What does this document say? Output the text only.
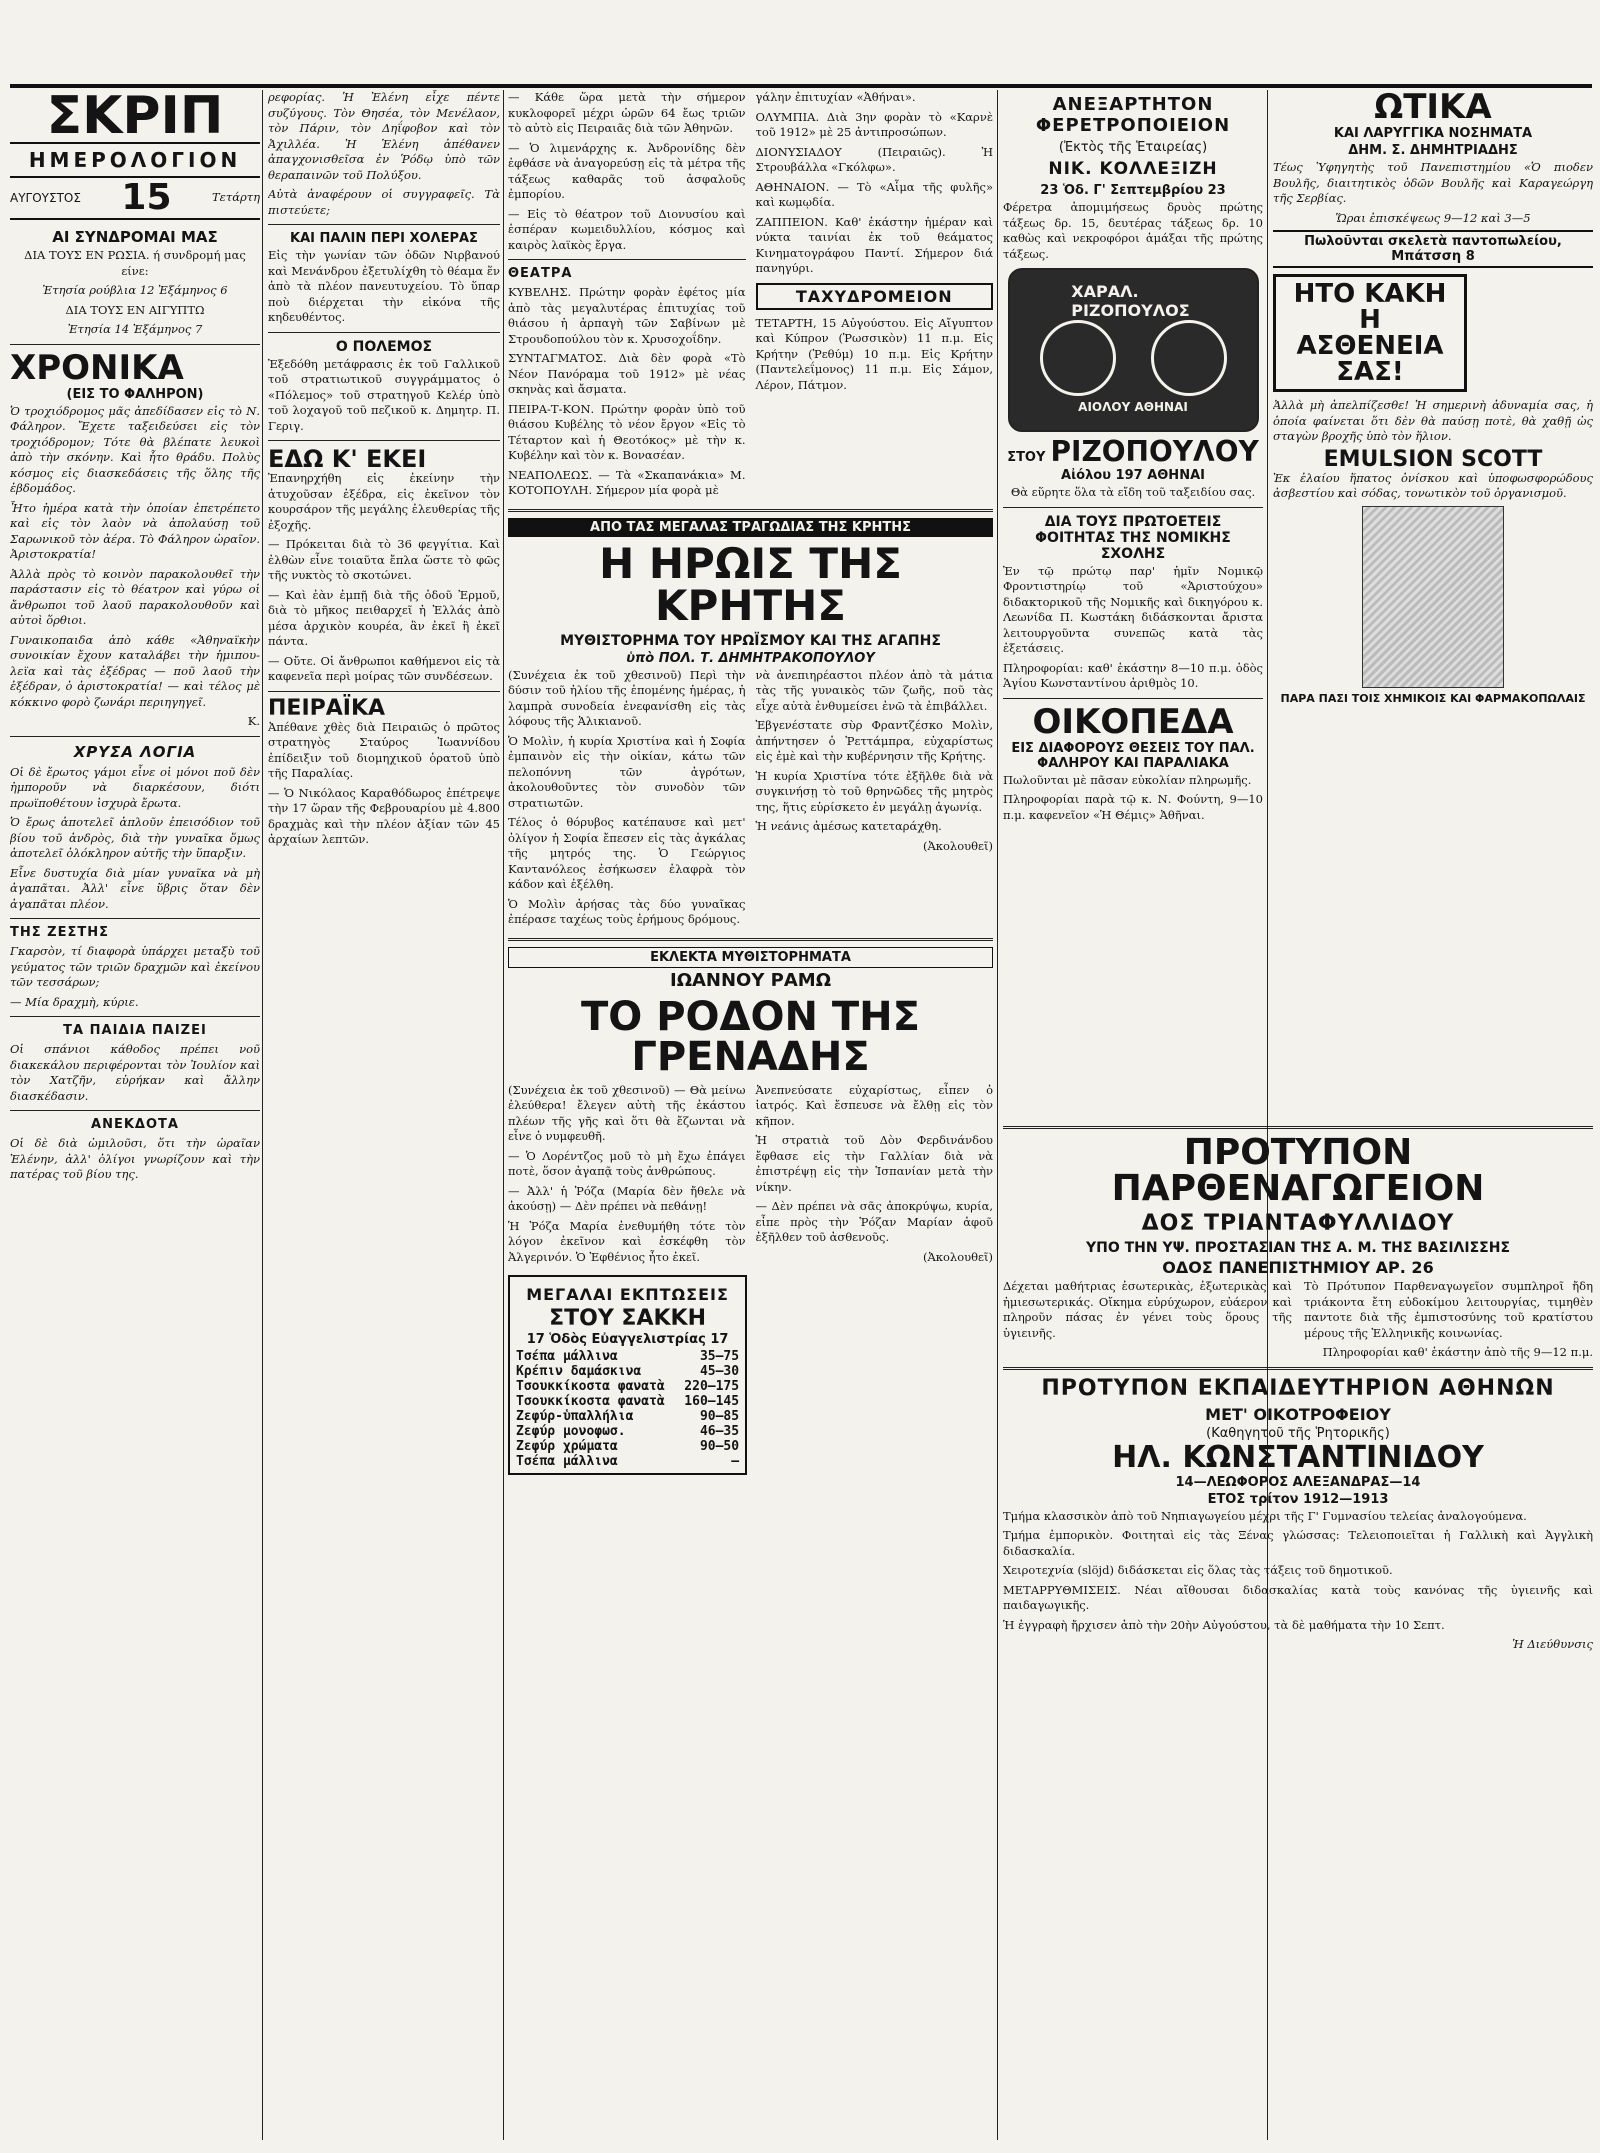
ΣΚΡΙΠ
ΗΜΕΡΟΛΟΓΙΟΝ
ΑΥΓΟΥΣΤΟΣ 15	Τετάρτη
ΑΙ ΣΥΝΔΡΟΜΑΙ ΜΑΣ
ΔΙΑ ΤΟΥΣ ΕΝ ΡΩΣΙΑ. ή συνδρομή μας είνε:
Ἐτησία ρούβλια 12 Ἑξάμηνος 6
ΔΙΑ ΤΟΥΣ ΕΝ ΑΙΓΥΠΤΩ
Ἐτησία 14 Ἑξάμηνος 7
ΧΡΟΝΙΚΑ
(ΕΙΣ ΤΟ ΦΑΛΗΡΟΝ)

Ὁ τροχιόδρομος μᾶς ἀπεδίδασεν εἰς τὸ Ν. Φάληρον. Ἔχετε ταξειδεύσει εἰς τὸν τροχιόδρομον; Τότε θὰ βλέπατε λευκοὶ ἀπὸ τὴν σκόνην. Καὶ ἦτο θράδυ. Πολὺς κόσμος εἰς διασκεδάσεις τῆς ὅλης τῆς ἑβδομάδος.

Ἦτο ἡμέρα κατὰ τὴν ὁποίαν ἐπετρέπετο καὶ εἰς τὸν λαὸν νὰ ἀπολαύσῃ τοῦ Σαρωνικοῦ τὸν ἀέρα. Τὸ Φάληρον ὡραῖον. Ἀριστοκρατία!

Ἀλλὰ πρὸς τὸ κοινὸν παρακολουθεῖ τὴν παράστασιν εἰς τὸ θέατρον καὶ γύρω οἱ ἄνθρωποι τοῦ λαοῦ παρακολουθοῦν καὶ αὐτοὶ ὅρθιοι.

Γυναικοπαιδα ἀπὸ κάθε «Ἀθηναϊκὴν συνοικίαν ἔχουν καταλάβει τὴν ἡμιπουλεϊα καὶ τὰς ἐξέδρας — ποῦ λαοῦ τὴν ἐξέδραν, ὁ ἀριστοκρατία! — καὶ τέλος μὲ κόκκινο φορὸ ζωνάρι περιηγηγεῖ.

Κ.
ΧΡΥΣΑ ΛΟΓΙΑ

Οἱ δὲ ἔρωτος γάμοι εἶνε οἱ μόνοι ποῦ δὲν ἠμποροῦν νὰ διαρκέσουν, διότι πρωϊποθέτουν ἰσχυρὰ ἔρωτα.

Ὁ ἔρως ἀποτελεῖ ἀπλοῦν ἐπεισόδιον τοῦ βίου τοῦ ἀνδρὸς, διὰ τὴν γυναῖκα ὅμως ἀποτελεῖ ὁλόκληρον αὐτῆς τὴν ὕπαρξιν.

Εἶνε δυστυχία διὰ μίαν γυναῖκα νὰ μὴ ἀγαπᾶται. Ἀλλ' εἶνε ὕβρις ὅταν δὲν ἀγαπᾶται πλέον.

ΤΗΣ ΖΕΣΤΗΣ

Γκαρσὸν, τί διαφορὰ ὑπάρχει μεταξὺ τοῦ γεύματος τῶν τριῶν δραχμῶν καὶ ἐκείνου τῶν τεσσάρων;

— Μία δραχμὴ, κύριε.

ΤΑ ΠΑΙΔΙΑ ΠΑΙΖΕΙ

Οἱ σπάνιοι κάθοδος πρέπει νοῦ διακεκάλου περιφέρονται τὸν Ἰουλίον καὶ τὸν Χατζῆν, εὑρήκαν καὶ ἄλλην διασκέδασιν.

ΑΝΕΚΔΟΤΑ

Οἱ δὲ διὰ ὡμιλοῦσι, ὅτι τὴν ὡραῖαν Ἑλένην, ἀλλ' ὀλίγοι γνωρίζουν καὶ τὴν πατέρας τοῦ βίου της.

ρεφορίας. Ἡ Ἑλένη εἶχε πέντε συζύγους. Τὸν Θησέα, τὸν Μενέλαον, τὸν Πάριν, τὸν Δηΐφοβον καὶ τὸν Ἀχιλλέα. Ἡ Ἑλένη ἀπέθανεν ἀπαγχονισθεῖσα ἐν Ῥόδῳ ὑπὸ τῶν θεραπαινῶν τοῦ Πολύξου.

Αὐτὰ ἀναφέρουν οἱ συγγραφεῖς. Τὰ πιστεύετε;

ΚΑΙ ΠΑΛΙΝ ΠΕΡΙ ΧΟΛΕΡΑΣ

Εἰς τὴν γωνίαν τῶν ὁδῶν Νιρβανού καὶ Μενάνδρου ἐξετυλίχθη τὸ θέαμα ἕν ἀπὸ τὰ πλέον πανευτυχείου. Τὸ ὕπαρ ποὺ διέρχεται τὴν εἰκόνα τῆς κηδευθέντος.

Ο ΠΟΛΕΜΟΣ

Ἐξεδόθη μετάφρασις ἐκ τοῦ Γαλλικοῦ τοῦ στρατιωτικοῦ συγγράμματος ὁ «Πόλεμος» τοῦ στρατηγοῦ Κελέρ ὑπὸ τοῦ λοχαγοῦ τοῦ πεζικοῦ κ. Δημητρ. Π. Γεριγ.

ΕΔΩ Κ' ΕΚΕΙ

Ἐπανηρχήθη εἰς ἐκείνην τὴν ἀτυχοῦσαν ἐξέδρα, εἰς ἐκεῖνον τὸν κουρσάρον τῆς μεγάλης ἐλευθερίας τῆς ἐξοχῆς.

— Πρόκειται διὰ τὸ 36 φεγγίτια. Καὶ ἐλθὼν εἶνε τοιαῦτα ἔπλα ὥστε τὸ φῶς τῆς νυκτὸς τὸ σκοτώνει.

— Καὶ ἐὰν ἐμπῇ διὰ τῆς ὁδοῦ Ἐρμοῦ, διὰ τὸ μῆκος πειθαρχεῖ ἡ Ἑλλάς ἀπὸ μέσα ἀρχικὸν κουρέα, ἂν ἐκεῖ ἢ ἐκεῖ πάντα.

— Οὔτε. Οἱ ἄνθρωποι καθήμενοι εἰς τὰ καφενεῖα περὶ μοίρας τῶν συνδέσεων.

ΠΕΙΡΑΪΚΑ

Ἀπέθανε χθὲς διὰ Πειραιῶς ὁ πρῶτος στρατηγὸς Σταύρος Ἰωαννίδου ἐπίδειξιν τοῦ διομηχικοῦ ὁρατοῦ ὑπὸ τῆς Παραλίας.

— Ὁ Νικόλαος Καραθόδωρος ἐπέτρεψε τὴν 17 ὥραν τῆς Φεβρουαρίου μὲ 4.800 δραχμὰς καὶ τὴν πλέον ἀξίαν τῶν 45 ἀρχαίων λεπτῶν.

— Κάθε ὥρα μετὰ τὴν σήμερον κυκλοφορεῖ μέχρι ὡρῶν 64 ἔως τριῶν τὸ αὐτὸ εἰς Πειραιᾶς διὰ τῶν Ἀθηνῶν.

— Ὁ λιμενάρχης κ. Ἀνδρονίδης δὲν ἐφθάσε νὰ ἀναγορεύσῃ εἰς τὰ μέτρα τῆς τάξεως καθαρᾶς τοῦ ἀσφαλοῦς ἐμπορίου.

— Εἰς τὸ θέατρον τοῦ Διονυσίου καὶ ἑσπέραν κωμειδυλλίου, κόσμος καὶ καιρὸς λαϊκὸς ἔργα.

ΘΕΑΤΡΑ

ΚΥΒΕΛΗΣ. Πρώτην φορὰν ἐφέτος μία ἀπὸ τὰς μεγαλυτέρας ἐπιτυχίας τοῦ θιάσου ἡ ἀρπαγὴ τῶν Σαβίνων μὲ Στρουδοπούλου τὸν κ. Χρυσοχοΐδην.

ΣΥΝΤΑΓΜΑΤΟΣ. Διὰ δὲν φορὰ «Τὸ Νέον Πανόραμα τοῦ 1912» μὲ νέας σκηνὰς καὶ ἄσματα.

ΠΕΙΡΑ-Τ-ΚΟΝ. Πρώτην φορὰν ὑπὸ τοῦ θιάσου Κυβέλης τὸ νέον ἔργον «Εἰς τὸ Τέταρτον καὶ ἡ Θεοτόκος» μὲ τὴν κ. Κυβέλην καὶ τὸν κ. Βονασέαν.

ΝΕΑΠΟΛΕΩΣ. — Τὰ «Σκαπανάκια» Μ. ΚΟΤΟΠΟΥΛΗ. Σήμερον μία φορὰ μὲ

γάλην ἐπιτυχίαν «Ἀθήναι».

ΟΛΥΜΠΙΑ. Διὰ 3ην φορὰν τὸ «Καρνὲ τοῦ 1912» μὲ 25 ἀντιπροσώπων.

ΔΙΟΝΥΣΙΑΔΟΥ (Πειραιῶς). Ἡ Στρουβάλλα «Γκόλφω».

ΑΘΗΝΑΙΟΝ. — Τὸ «Αἷμα τῆς φυλῆς» καὶ κωμῳδία.

ΖΑΠΠΕΙΟΝ. Καθ' ἑκάστην ἡμέραν καὶ νύκτα ταινίαι ἐκ τοῦ θεάματος Κινηματογράφου Παντί. Σήμερον διά πανηγύρι.

ΤΑΧΥΔΡΟΜΕΙΟΝ

ΤΕΤΑΡΤΗ, 15 Αὐγούστου. Εἰς Αἴγυπτον καὶ Κύπρον (Ῥωσσικὸν) 11 π.μ. Εἰς Κρήτην (Ῥεθύμ) 10 π.μ. Εἰς Κρήτην (Παντελεΐμονος) 11 π.μ. Εἰς Σάμον, Λέρον, Πάτμον.

ΑΠΟ ΤΑΣ ΜΕΓΑΛΑΣ ΤΡΑΓΩΔΙΑΣ ΤΗΣ ΚΡΗΤΗΣ
Η ΗΡΩΙΣ ΤΗΣ ΚΡΗΤΗΣ
ΜΥΘΙΣΤΟΡΗΜΑ ΤΟΥ ΗΡΩΪΣΜΟΥ ΚΑΙ ΤΗΣ ΑΓΑΠΗΣ
ὑπὸ ΠΟΛ. Τ. ΔΗΜΗΤΡΑΚΟΠΟΥΛΟΥ

(Συνέχεια ἐκ τοῦ χθεσινοῦ) Περὶ τὴν δύσιν τοῦ ἡλίου τῆς ἐπομένης ἡμέρας, ἡ λαμπρὰ συνοδεία ἐνεφανίσθη εἰς τὰς λόφους τῆς Ἁλικιανοῦ.

Ὁ Μολὶν, ἡ κυρία Χριστίνα καὶ ἡ Σοφία ἐμπαινὸν εἰς τὴν οἰκίαν, κάτω τῶν πελοπόννη τῶν ἀγρότων, ἀκολουθοῦντες τὸν συνοδὸν τῶν στρατιωτῶν.

Τέλος ὁ θόρυβος κατέπαυσε καὶ μετ' ὀλίγον ἡ Σοφία ἔπεσεν εἰς τὰς ἀγκάλας τῆς μητρός της. Ὁ Γεώργιος Καντανόλεος ἐσήκωσεν ἐλαφρὰ τὸν κάδον καὶ ἐξέλθη.

Ὁ Μολὶν ἀρήσας τὰς δύο γυναῖκας ἐπέρασε ταχέως τοὺς ἐρήμους δρόμους.

νὰ ἀνεπιηρέαστοι πλέον ἀπὸ τὰ μάτια τὰς τῆς γυναικὸς τῶν ζωῆς, ποῦ τὰς εἶχε αὐτὰ ἐνθυμείσει ἐνῶ τὰ ἐπιβάλλει.

Ἐβγενέστατε σὺρ Φραντζέσκο Μολὶν, ἀπήντησεν ὁ Ῥεττάμπρα, εὐχαρίστως εἰς ἐμὲ καὶ τὴν κυβέρνησιν τῆς Κρήτης.

Ἡ κυρία Χριστίνα τότε ἐξῆλθε διὰ νὰ συγκινήσῃ τὸ τοῦ θρηνῶδες τῆς μητρὸς της, ἥτις εὑρίσκετο ἐν μεγάλῃ ἀγωνίᾳ.

Ἡ νεάνις ἀμέσως κατεταράχθη.

(Ἀκολουθεῖ)
ΕΚΛΕΚΤΑ ΜΥΘΙΣΤΟΡΗΜΑΤΑ
ΙΩΑΝΝΟΥ ΡΑΜΩ
ΤΟ ΡΟΔΟΝ ΤΗΣ ΓΡΕΝΑΔΗΣ

(Συνέχεια ἐκ τοῦ χθεσινοῦ) — Θὰ μείνω ἐλεύθερα! ἔλεγεν αὐτὴ τῆς ἐκάστου πλέων τῆς γῆς καὶ ὅτι θὰ ἔζωνται νὰ εἶνε ὁ νυμφευθῆ.

— Ὁ Λορέντζος μοῦ τὸ μὴ ἔχω ἐπάγει ποτὲ, ὅσον ἀγαπᾷ τοὺς ἀνθρώπους.

— Ἀλλ' ἡ Ῥόζα (Μαρία δὲν ἤθελε νὰ ἀκούσῃ) — Δὲν πρέπει νὰ πεθάνῃ!

Ἡ Ῥόζα Μαρία ἐνεθυμήθη τότε τὸν λόγον ἐκεῖνον καὶ ἐσκέφθη τὸν Ἀλγερινόν. Ὁ Ἐφθένιος ἦτο ἐκεῖ.

Ἀνεπνεύσατε εὐχαρίστως, εἶπεν ὁ ἰατρός. Καὶ ἔσπευσε νὰ ἔλθῃ εἰς τὸν κῆπον.

Ἡ στρατιὰ τοῦ Δὸν Φερδινάνδου ἔφθασε εἰς τὴν Γαλλίαν διὰ νὰ ἐπιστρέψῃ εἰς τὴν Ἱσπανίαν μετὰ τὴν νίκην.

— Δὲν πρέπει νὰ σᾶς ἀποκρύψω, κυρία, εἶπε πρὸς τὴν Ῥόζαν Μαρίαν ἀφοῦ ἐξῆλθεν τοῦ ἀσθενοῦς.

(Ἀκολουθεῖ)
ΜΕΓΑΛΑΙ ΕΚΠΤΩΣΕΙΣ
ΣΤΟΥ ΣΑΚΚΗ
17 Ὁδὸς Εὐαγγελιστρίας 17
Τσέπα μάλλινα	35—75
Κρέπιν δαμάσκινα	45—30
Τσουκκίκοστα φανατὰ 220—175
Τσουκκίκοστα φανατὰ 160—145
Ζεφύρ-ὑπαλλήλια	90—85
Ζεφύρ μονοφωσ.	46—35
Ζεφύρ χρώματα	90—50
Τσέπα μάλλινα	—
ΑΝΕΞΑΡΤΗΤΟΝ ΦΕΡΕΤΡΟΠΟΙΕΙΟΝ
(Ἐκτὸς τῆς Ἑταιρείας)
ΝΙΚ. ΚΟΛΛΕΞΙΖΗ
23 Ὁδ. Γ' Σεπτεμβρίου 23

Φέρετρα ἀπομιμήσεως δρυὸς πρώτης τάξεως δρ. 15, δευτέρας τάξεως δρ. 10 καθὼς καὶ νεκροφόροι ἁμάξαι τῆς πρώτης τάξεως.

ΧΑΡΑΛ. ΡΙΖΟΠΟΥΛΟΣ
ΑΙΟΛΟΥ ΑΘΗΝΑΙ
ΣΤΟΥ ΡΙΖΟΠΟΥΛΟΥ
Αἰόλου 197 ΑΘΗΝΑΙ

Θὰ εὕρητε ὅλα τὰ εἴδη τοῦ ταξειδίου σας.

ΔΙΑ ΤΟΥΣ ΠΡΩΤΟΕΤΕΙΣ ΦΟΙΤΗΤΑΣ ΤΗΣ ΝΟΜΙΚΗΣ ΣΧΟΛΗΣ

Ἐν τῷ πρώτῳ παρ' ἡμῖν Νομικῷ Φροντιστηρίῳ τοῦ «Ἀριστούχου» διδακτορικοῦ τῆς Νομικῆς καὶ δικηγόρου κ. Λεωνίδα Π. Κωστάκη διδάσκονται ἄριστα λειτουργοῦντα συνεπῶς κατὰ τὰς ἐξετάσεις.

Πληροφορίαι: καθ' ἑκάστην 8—10 π.μ. ὁδὸς Ἁγίου Κωνσταντίνου ἀριθμὸς 10.

ΟΙΚΟΠΕΔΑ
ΕΙΣ ΔΙΑΦΟΡΟΥΣ ΘΕΣΕΙΣ ΤΟΥ ΠΑΛ. ΦΑΛΗΡΟΥ ΚΑΙ ΠΑΡΑΛΙΑΚΑ

Πωλοῦνται μὲ πᾶσαν εὐκολίαν πληρωμῆς.

Πληροφορίαι παρὰ τῷ κ. Ν. Φούντη, 9—10 π.μ. καφενεῖον «Ἡ Θέμις» Ἀθῆναι.

ΩΤΙΚΑ
ΚΑΙ ΛΑΡΥΓΓΙΚΑ ΝΟΣΗΜΑΤΑ
ΔΗΜ. Σ. ΔΗΜΗΤΡΙΑΔΗΣ

Τέως Ὑφηγητὴς τοῦ Πανεπιστημίου «Ὁ πιοδεν Βουλῆς, διαιτητικὸς ὁδῶν Βουλῆς καὶ Καραγεώργη τῆς Σερβίας.

Ὥραι ἐπισκέψεως 9—12 καὶ 3—5

Πωλοῦνται σκελετὰ παντοπωλείου, Μπάτσση 8
ΗΤΟ ΚΑΚΗ
Η ΑΣΘΕΝΕΙΑ
ΣΑΣ!

Ἀλλὰ μὴ ἀπελπίζεσθε! Ἡ σημερινὴ ἀδυναμία σας, ἡ ὁποία φαίνεται ὅτι δὲν θὰ παύσῃ ποτὲ, θὰ χαθῇ ὡς σταγὼν βροχῆς ὑπὸ τὸν ἥλιον.

EMULSION SCOTT

Ἐκ ἐλαίου ἥπατος ὀνίσκου καὶ ὑποφωσφορώδους ἀσβεστίου καὶ σόδας, τονωτικὸν τοῦ ὀργανισμοῦ.

ΠΑΡΑ ΠΑΣΙ ΤΟΙΣ ΧΗΜΙΚΟΙΣ ΚΑΙ ΦΑΡΜΑΚΟΠΩΛΑΙΣ
ΠΡΟΤΥΠΟΝ ΠΑΡΘΕΝΑΓΩΓΕΙΟΝ
ΔΟΣ ΤΡΙΑΝΤΑΦΥΛΛΙΔΟΥ
ΥΠΟ ΤΗΝ ΥΨ. ΠΡΟΣΤΑΣΙΑΝ ΤΗΣ Α. Μ. ΤΗΣ ΒΑΣΙΛΙΣΣΗΣ
ΟΔΟΣ ΠΑΝΕΠΙΣΤΗΜΙΟΥ ΑΡ. 26

Δέχεται μαθήτριας ἐσωτερικὰς, ἐξωτερικὰς καὶ ἡμιεσωτερικάς. Οἴκημα εὐρύχωρον, εὐάερον καὶ πληροῦν πάσας ἐν γένει τοὺς ὅρους τῆς ὑγιεινῆς.

Τὸ Πρότυπον Παρθεναγωγεῖον συμπληροῖ ἤδη τριάκοντα ἔτη εὐδοκίμου λειτουργίας, τιμηθὲν παντοτε διὰ τῆς ἐμπιστοσύνης τοῦ κρατίστου μέρους τῆς Ἑλληνικῆς κοινωνίας.

Πληροφορίαι καθ' ἑκάστην ἀπὸ τῆς 9—12 π.μ.

ΠΡΟΤΥΠΟΝ ΕΚΠΑΙΔΕΥΤΗΡΙΟΝ ΑΘΗΝΩΝ
ΜΕΤ' ΟΙΚΟΤΡΟΦΕΙΟΥ
(Καθηγητοῦ τῆς Ῥητορικῆς)
ΗΛ. ΚΩΝΣΤΑΝΤΙΝΙΔΟΥ
14—ΛΕΩΦΟΡΟΣ ΑΛΕΞΑΝΔΡΑΣ—14
ΕΤΟΣ τρίτον 1912—1913

Τμήμα κλασσικὸν ἀπὸ τοῦ Νηπιαγωγείου μέχρι τῆς Γ' Γυμνασίου τελείας ἀναλογούμενα.

Τμήμα ἐμπορικὸν. Φοιτηταὶ εἰς τὰς Ξένας γλώσσας: Τελειοποιεῖται ἡ Γαλλικὴ καὶ Ἀγγλικὴ διδασκαλία.

Χειροτεχνία (slöjd) διδάσκεται εἰς ὅλας τὰς τάξεις τοῦ δημοτικοῦ.

ΜΕΤΑΡΡΥΘΜΙΣΕΙΣ. Νέαι αἴθουσαι διδασκαλίας κατὰ τοὺς κανόνας τῆς ὑγιεινῆς καὶ παιδαγωγικῆς.

Ἡ ἐγγραφὴ ἤρχισεν ἀπὸ τὴν 20ὴν Αὐγούστου, τὰ δὲ μαθήματα τὴν 10 Σεπτ.

Ἡ Διεύθυνσις
